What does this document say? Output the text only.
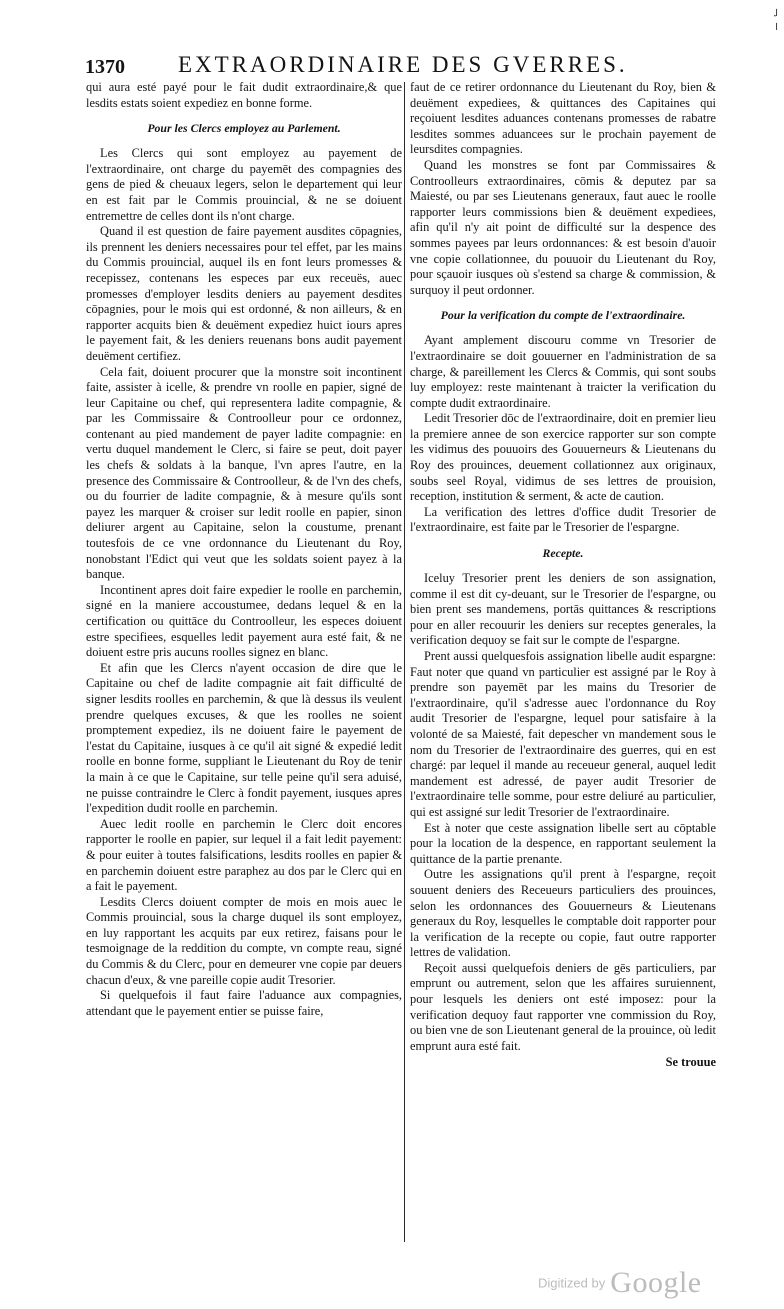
1370 EXTRAORDINAIRE DES GVERRES.
╷ · ╷

qui aura esté payé pour le fait dudit extraordinaire,& que lesdits estats soient expediez en bonne forme.

Pour les Clercs employez au Parlement.

Les Clercs qui sont employez au payement de l'extraordinaire, ont charge du payemēt des compagnies des gens de pied & cheuaux legers, selon le departement qui leur en est fait par le Commis prouincial, & ne se doiuent entremettre de celles dont ils n'ont charge.

Quand il est question de faire payement ausdites cōpagnies, ils prennent les deniers necessaires pour tel effet, par les mains du Commis prouincial, auquel ils en font leurs promesses & recepissez, contenans les especes par eux receuës, auec promesses d'employer lesdits deniers au payement desdites cōpagnies, pour le mois qui est ordonné, & non ailleurs, & en rapporter acquits bien & deuëment expediez huict iours apres le payement fait, & les deniers reuenans bons audit payement deuëment certifiez.

Cela fait, doiuent procurer que la monstre soit incontinent faite, assister à icelle, & prendre vn roolle en papier, signé de leur Capitaine ou chef, qui representera ladite compagnie, & par les Commissaire & Controolleur pour ce ordonnez, contenant au pied mandement de payer ladite compagnie: en vertu duquel mandement le Clerc, si faire se peut, doit payer les chefs & soldats à la banque, l'vn apres l'autre, en la presence des Commissaire & Controolleur, & de l'vn des chefs, ou du fourrier de ladite compagnie, & à mesure qu'ils sont payez les marquer & croiser sur ledit roolle en papier, sinon deliurer argent au Capitaine, selon la coustume, prenant toutesfois de ce vne ordonnance du Lieutenant du Roy, nonobstant l'Edict qui veut que les soldats soient payez à la banque.

Incontinent apres doit faire expedier le roolle en parchemin, signé en la maniere accoustumee, dedans lequel & en la certification ou quittāce du Controolleur, les especes doiuent estre specifiees, esquelles ledit payement aura esté fait, & ne doiuent estre pris aucuns roolles signez en blanc.

Et afin que les Clercs n'ayent occasion de dire que le Capitaine ou chef de ladite compagnie ait fait difficulté de signer lesdits roolles en parchemin, & que là dessus ils veulent prendre quelques excuses, & que les roolles ne soient promptement expediez, ils ne doiuent faire le payement de l'estat du Capitaine, iusques à ce qu'il ait signé & expedié ledit roolle en bonne forme, suppliant le Lieutenant du Roy de tenir la main à ce que le Capitaine, sur telle peine qu'il sera aduisé, ne puisse contraindre le Clerc à fondit payement, iusques apres l'expedition dudit roolle en parchemin.

Auec ledit roolle en parchemin le Clerc doit encores rapporter le roolle en papier, sur lequel il a fait ledit payement: & pour euiter à toutes falsifications, lesdits roolles en papier & en parchemin doiuent estre paraphez au dos par le Clerc qui en a fait le payement.

Lesdits Clercs doiuent compter de mois en mois auec le Commis prouincial, sous la charge duquel ils sont employez, en luy rapportant les acquits par eux retirez, faisans pour le tesmoignage de la reddition du compte, vn compte reau, signé du Commis & du Clerc, pour en demeurer vne copie par deuers chacun d'eux, & vne pareille copie audit Tresorier.

Si quelquefois il faut faire l'aduance aux compagnies, attendant que le payement entier se puisse faire,

faut de ce retirer ordonnance du Lieutenant du Roy, bien & deuëment expediees, & quittances des Capitaines qui reçoiuent lesdites aduances contenans promesses de rabatre lesdites sommes aduancees sur le prochain payement de leursdites compagnies.

Quand les monstres se font par Commissaires & Controolleurs extraordinaires, cōmis & deputez par sa Maiesté, ou par ses Lieutenans generaux, faut auec le roolle rapporter leurs commissions bien & deuëment expediees, afin qu'il n'y ait point de difficulté sur la despence des sommes payees par leurs ordonnances: & est besoin d'auoir vne copie collationnee, du pouuoir du Lieutenant du Roy, pour sçauoir iusques où s'estend sa charge & commission, & surquoy il peut ordonner.

Pour la verification du compte de l'extraordinaire.

Ayant amplement discouru comme vn Tresorier de l'extraordinaire se doit gouuerner en l'administration de sa charge, & pareillement les Clercs & Commis, qui sont soubs luy employez: reste maintenant à traicter la verification du compte dudit extraordinaire.

Ledit Tresorier dōc de l'extraordinaire, doit en premier lieu la premiere annee de son exercice rapporter sur son compte les vidimus des pouuoirs des Gouuerneurs & Lieutenans du Roy des prouinces, deuement collationnez aux originaux, soubs seel Royal, vidimus de ses lettres de prouision, reception, institution & serment, & acte de caution.

La verification des lettres d'office dudit Tresorier de l'extraordinaire, est faite par le Tresorier de l'espargne.

Recepte.

Iceluy Tresorier prent les deniers de son assignation, comme il est dit cy-deuant, sur le Tresorier de l'espargne, ou bien prent ses mandemens, portās quittances & rescriptions pour en aller recouurir les deniers sur receptes generales, la verification dequoy se fait sur le compte de l'espargne.

Prent aussi quelquesfois assignation libelle audit espargne: Faut noter que quand vn particulier est assigné par le Roy à prendre son payemēt par les mains du Tresorier de l'extraordinaire, qu'il s'adresse auec l'ordonnance du Roy audit Tresorier de l'espargne, lequel pour satisfaire à la volonté de sa Maiesté, fait depescher vn mandement sous le nom du Tresorier de l'extraordinaire des guerres, qui en est chargé: par lequel il mande au receueur general, auquel ledit mandement est adressé, de payer audit Tresorier de l'extraordinaire telle somme, pour estre deliuré au particulier, qui est assigné sur ledit Tresorier de l'extraordinaire.

Est à noter que ceste assignation libelle sert au cōptable pour la location de la despence, en rapportant seulement la quittance de la partie prenante.

Outre les assignations qu'il prent à l'espargne, reçoit souuent deniers des Receueurs particuliers des prouinces, selon les ordonnances des Gouuerneurs & Lieutenans generaux du Roy, lesquelles le comptable doit rapporter pour la verification de la recepte ou copie, faut outre rapporter lettres de validation.

Reçoit aussi quelquefois deniers de gēs particuliers, par emprunt ou autrement, selon que les affaires suruiennent, pour lesquels les deniers ont esté imposez: pour la verification dequoy faut rapporter vne commission du Roy, ou bien vne de son Lieutenant general de la prouince, où ledit emprunt aura esté fait.

Se trouue
Digitized by Google
